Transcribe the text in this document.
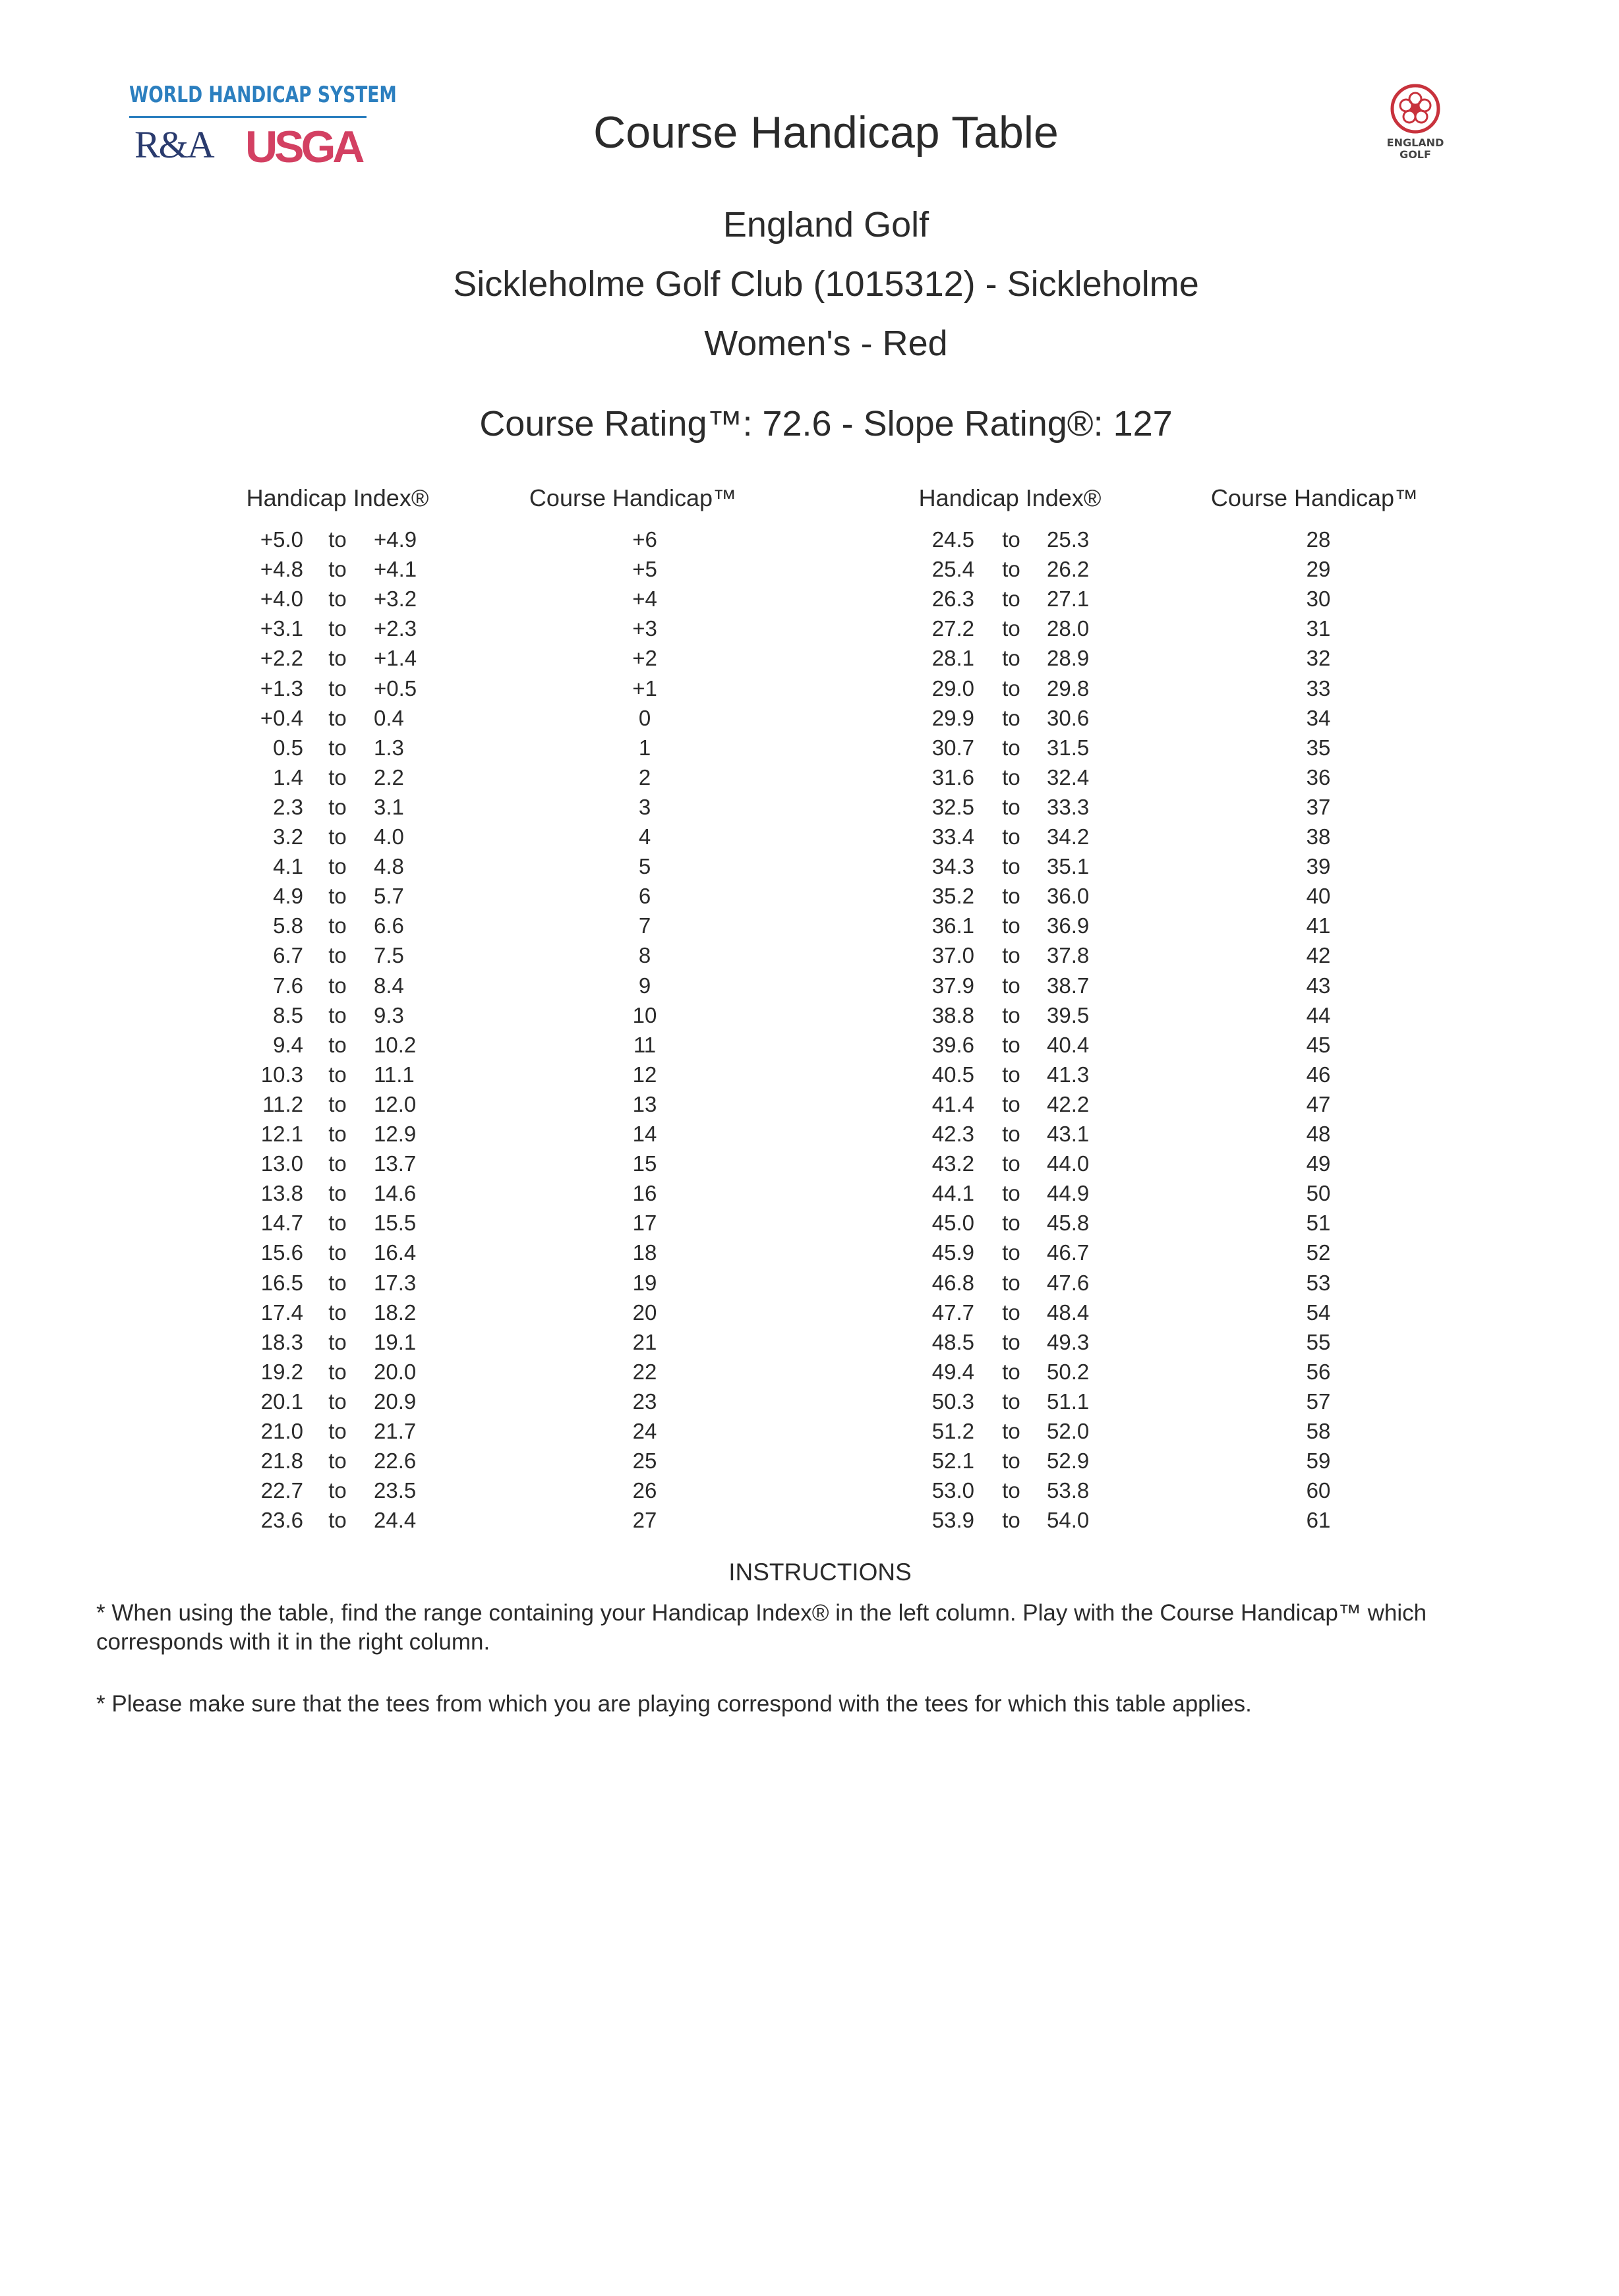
WORLD HANDICAP SYSTEM
R&A USGA	ENGLAND
GOLF
Course Handicap Table
England Golf
Sickleholme Golf Club (1015312) - Sickleholme
Women's - Red
Course Rating™: 72.6 - Slope Rating®: 127
Handicap Index®	Course Handicap™	Handicap Index®	Course Handicap™
+5.0	to	+4.9	+6
+4.8	to	+4.1	+5
+4.0	to	+3.2	+4
+3.1	to	+2.3	+3
+2.2	to	+1.4	+2
+1.3	to	+0.5	+1
+0.4	to	0.4	0
0.5	to	1.3	1
1.4	to	2.2	2
2.3	to	3.1	3
3.2	to	4.0	4
4.1	to	4.8	5
4.9	to	5.7	6
5.8	to	6.6	7
6.7	to	7.5	8
7.6	to	8.4	9
8.5	to	9.3	10
9.4	to	10.2	11
10.3	to	11.1	12
11.2	to	12.0	13
12.1	to	12.9	14
13.0	to	13.7	15
13.8	to	14.6	16
14.7	to	15.5	17
15.6	to	16.4	18
16.5	to	17.3	19
17.4	to	18.2	20
18.3	to	19.1	21
19.2	to	20.0	22
20.1	to	20.9	23
21.0	to	21.7	24
21.8	to	22.6	25
22.7	to	23.5	26
23.6	to	24.4	27
24.5	to	25.3	28
25.4	to	26.2	29
26.3	to	27.1	30
27.2	to	28.0	31
28.1	to	28.9	32
29.0	to	29.8	33
29.9	to	30.6	34
30.7	to	31.5	35
31.6	to	32.4	36
32.5	to	33.3	37
33.4	to	34.2	38
34.3	to	35.1	39
35.2	to	36.0	40
36.1	to	36.9	41
37.0	to	37.8	42
37.9	to	38.7	43
38.8	to	39.5	44
39.6	to	40.4	45
40.5	to	41.3	46
41.4	to	42.2	47
42.3	to	43.1	48
43.2	to	44.0	49
44.1	to	44.9	50
45.0	to	45.8	51
45.9	to	46.7	52
46.8	to	47.6	53
47.7	to	48.4	54
48.5	to	49.3	55
49.4	to	50.2	56
50.3	to	51.1	57
51.2	to	52.0	58
52.1	to	52.9	59
53.0	to	53.8	60
53.9	to	54.0	61
INSTRUCTIONS
* When using the table, find the range containing your Handicap Index® in the left column. Play with the Course Handicap™ which corresponds with it in the right column.
* Please make sure that the tees from which you are playing correspond with the tees for which this table applies.
